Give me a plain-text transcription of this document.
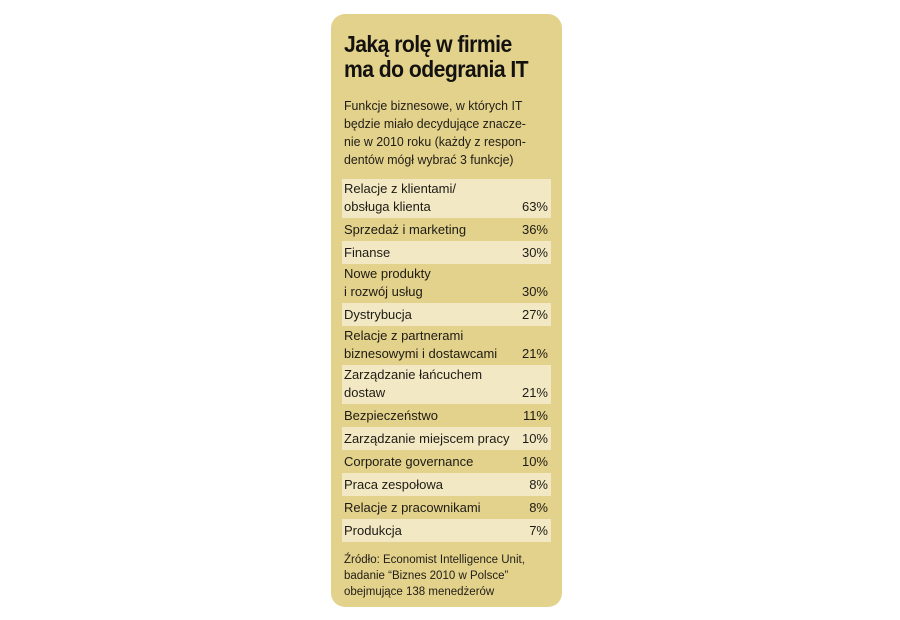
Jaką rolę w firmie
ma do odegrania IT
Funkcje biznesowe, w których IT
będzie miało decydujące znacze-
nie w 2010 roku (każdy z respon-
dentów mógł wybrać 3 funkcje)
Relacje z klientami/
obsługa klienta	63%
Sprzedaż i marketing	36%
Finanse	30%
Nowe produkty
i rozwój usług	30%
Dystrybucja	27%
Relacje z partnerami
biznesowymi i dostawcami	21%
Zarządzanie łańcuchem
dostaw	21%
Bezpieczeństwo	11%
Zarządzanie miejscem pracy 10%
Corporate governance	10%
Praca zespołowa	8%
Relacje z pracownikami	8%
Produkcja	7%
Źródło: Economist Intelligence Unit,
badanie “Biznes 2010 w Polsce”
obejmujące 138 menedżerów
